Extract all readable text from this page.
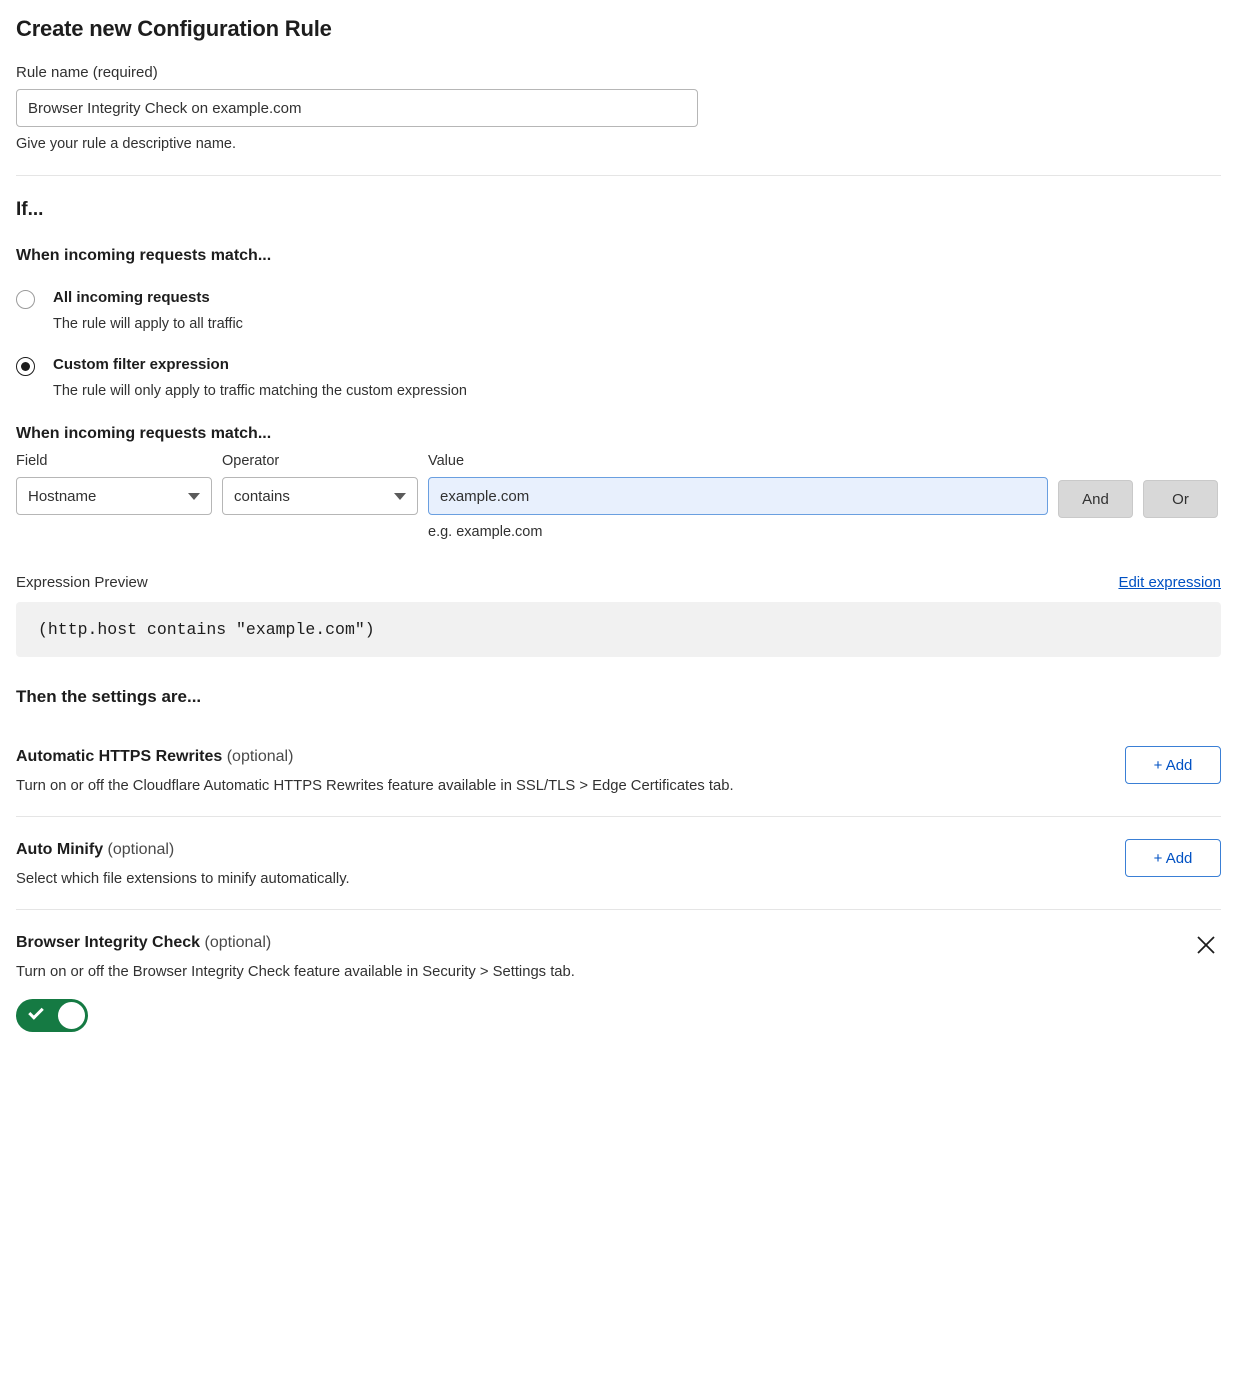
Create new Configuration Rule
Rule name (required)
Browser Integrity Check on example.com
Give your rule a descriptive name.
If...
When incoming requests match...
All incoming requests
The rule will apply to all traffic
Custom filter expression
The rule will only apply to traffic matching the custom expression
When incoming requests match...
Field
Hostname
Operator
contains
Value
example.com
e.g. example.com
And	Or
Expression Preview	Edit expression
(http.host contains "example.com")
Then the settings are...
Automatic HTTPS Rewrites (optional)
Turn on or off the Cloudflare Automatic HTTPS Rewrites feature available in SSL/TLS > Edge Certificates tab.
+ Add
Auto Minify (optional)
Select which file extensions to minify automatically.
+ Add
Browser Integrity Check (optional)
Turn on or off the Browser Integrity Check feature available in Security > Settings tab.
